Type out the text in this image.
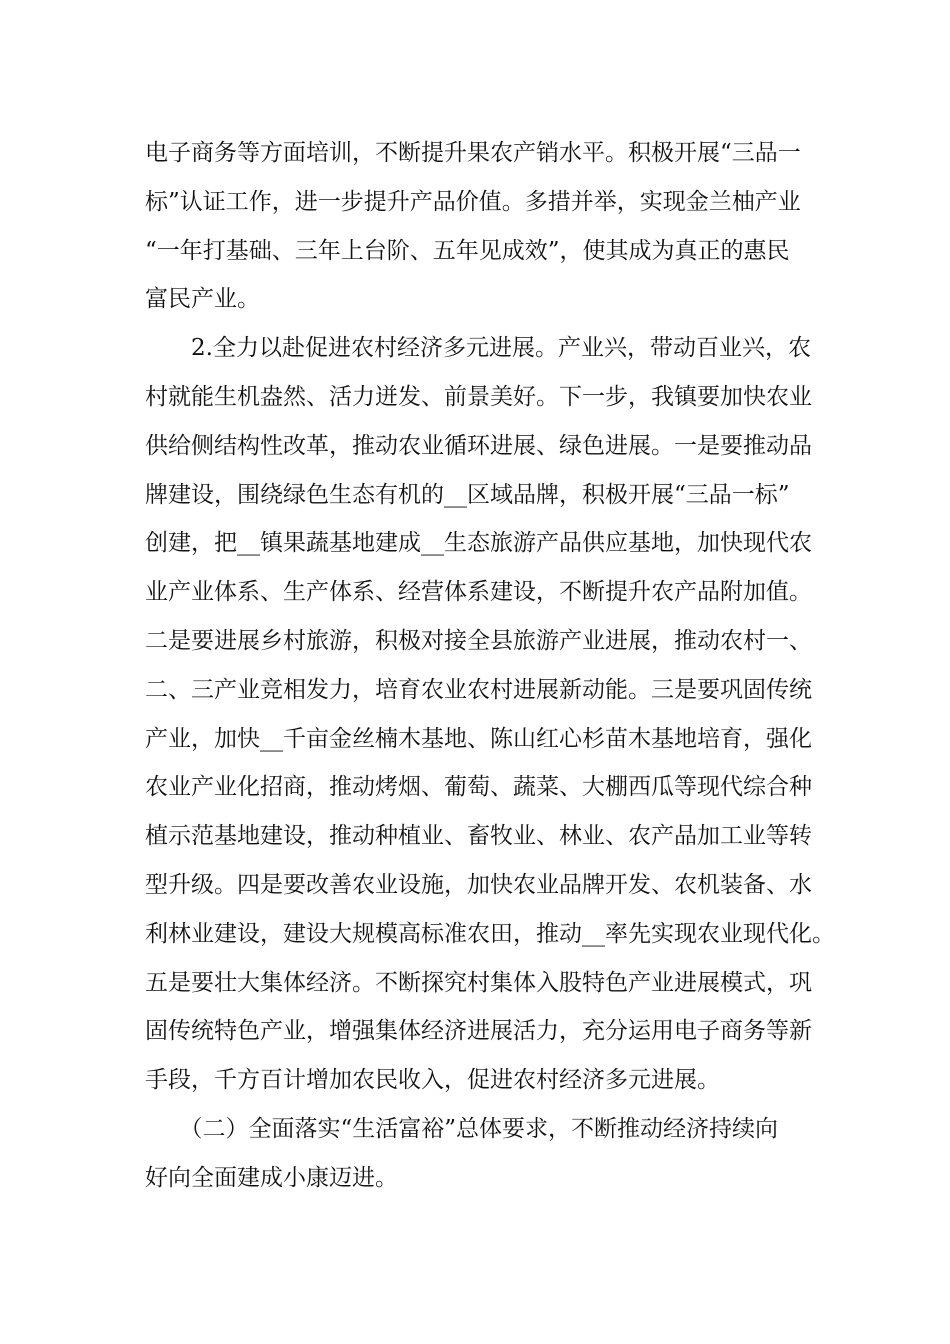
电子商务等方面培训，不断提升果农产销水平。积极开展“三品一
标”认证工作，进一步提升产品价值。多措并举，实现金兰柚产业
“一年打基础、三年上台阶、五年见成效”，使其成为真正的惠民
富民产业。
　　2.全力以赴促进农村经济多元进展。产业兴，带动百业兴，农
村就能生机盎然、活力迸发、前景美好。下一步，我镇要加快农业
供给侧结构性改革，推动农业循环进展、绿色进展。一是要推动品
牌建设，围绕绿色生态有机的__区域品牌，积极开展“三品一标”
创建，把__镇果蔬基地建成__生态旅游产品供应基地，加快现代农
业产业体系、生产体系、经营体系建设，不断提升农产品附加值。
二是要进展乡村旅游，积极对接全县旅游产业进展，推动农村一、
二、三产业竞相发力，培育农业农村进展新动能。三是要巩固传统
产业，加快__千亩金丝楠木基地、陈山红心杉苗木基地培育，强化
农业产业化招商，推动烤烟、葡萄、蔬菜、大棚西瓜等现代综合种
植示范基地建设，推动种植业、畜牧业、林业、农产品加工业等转
型升级。四是要改善农业设施，加快农业品牌开发、农机装备、水
利林业建设，建设大规模高标准农田，推动__率先实现农业现代化。
五是要壮大集体经济。不断探究村集体入股特色产业进展模式，巩
固传统特色产业，增强集体经济进展活力，充分运用电子商务等新
手段，千方百计增加农民收入，促进农村经济多元进展。
　　（二）全面落实“生活富裕”总体要求，不断推动经济持续向
好向全面建成小康迈进。
